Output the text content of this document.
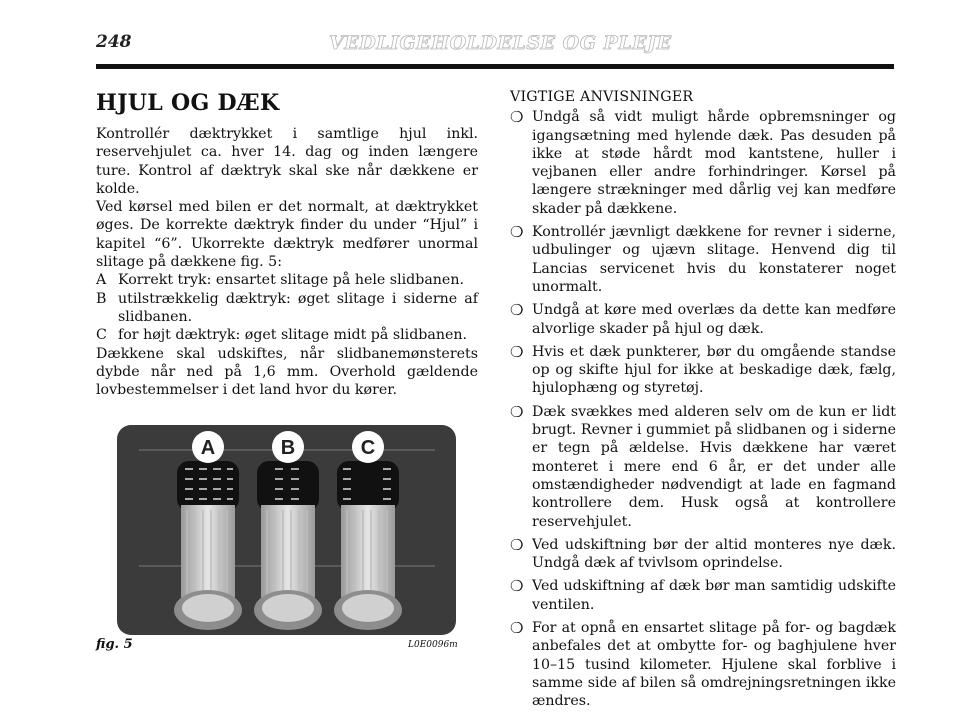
248	VEDLIGEHOLDELSE OG PLEJE
HJUL OG DÆK

Kontrollér dæktrykket i samtlige hjul inkl. reservehjulet ca. hver 14. dag og inden længere ture. Kontrol af dæktryk skal ske når dækkene er kolde.

Ved kørsel med bilen er det normalt, at dæktrykket øges. De korrekte dæktryk finder du under “Hjul” i kapitel “6”. Ukorrekte dæktryk medfører unormal slitage på dækkene fig. 5:

A Korrekt tryk: ensartet slitage på hele slidbanen.
B utilstrækkelig dæktryk: øget slitage i siderne af slidbanen.
C for højt dæktryk: øget slitage midt på slidbanen.

Dækkene skal udskiftes, når slidbanemønsterets dybde når ned på 1,6 mm. Overhold gældende lovbestemmelser i det land hvor du kører.

A	B	C
fig. 5	L0E0096m
VIGTIGE ANVISNINGER
❍ Undgå så vidt muligt hårde opbremsninger og igangsætning med hylende dæk. Pas desuden på ikke at støde hårdt mod kantstene, huller i vejbanen eller andre forhindringer. Kørsel på længere strækninger med dårlig vej kan medføre skader på dækkene.
❍ Kontrollér jævnligt dækkene for revner i siderne, udbulinger og ujævn slitage. Henvend dig til Lancias servicenet hvis du konstaterer noget unormalt.
❍ Undgå at køre med overlæs da dette kan medføre alvorlige skader på hjul og dæk.
❍ Hvis et dæk punkterer, bør du omgående standse op og skifte hjul for ikke at beskadige dæk, fælg, hjulophæng og styretøj.
❍ Dæk svækkes med alderen selv om de kun er lidt brugt. Revner i gummiet på slidbanen og i siderne er tegn på ældelse. Hvis dækkene har været monteret i mere end 6 år, er det under alle omstændigheder nødvendigt at lade en fagmand kontrollere dem. Husk også at kontrollere reservehjulet.
❍ Ved udskiftning bør der altid monteres nye dæk. Undgå dæk af tvivlsom oprindelse.
❍ Ved udskiftning af dæk bør man samtidig udskifte ventilen.
❍ For at opnå en ensartet slitage på for- og bagdæk anbefales det at ombytte for- og baghjulene hver 10–15 tusind kilometer. Hjulene skal forblive i samme side af bilen så omdrejningsretningen ikke ændres.
